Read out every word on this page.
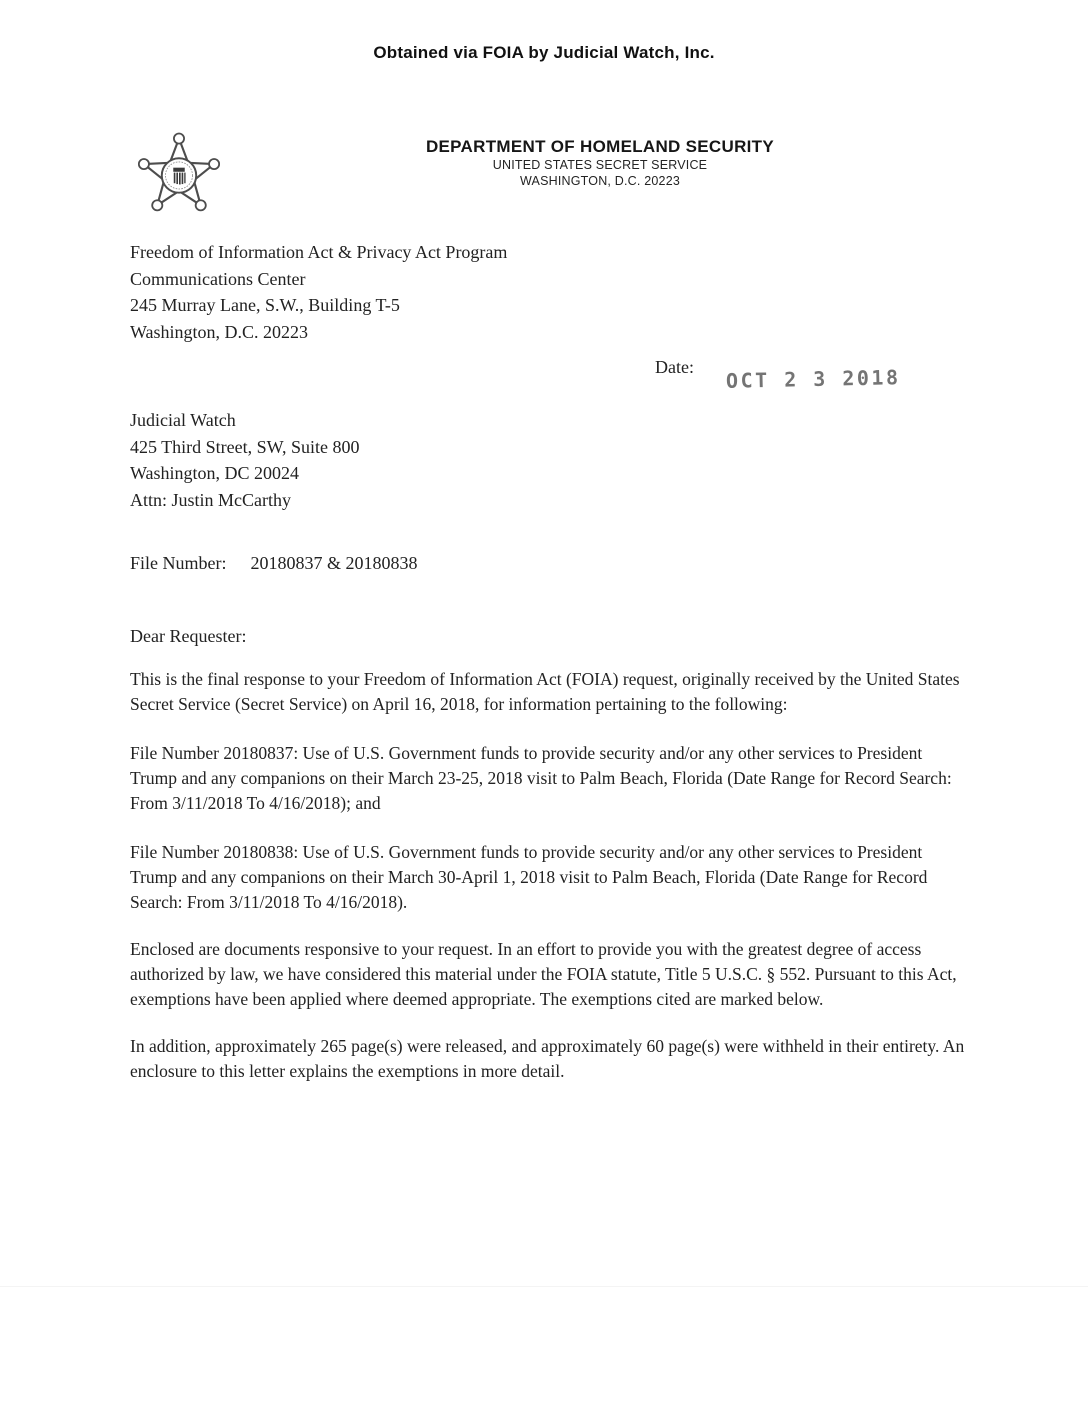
Obtained via FOIA by Judicial Watch, Inc.
DEPARTMENT OF HOMELAND SECURITY
UNITED STATES SECRET SERVICE
WASHINGTON, D.C. 20223
Freedom of Information Act & Privacy Act Program
Communications Center
245 Murray Lane, S.W., Building T-5
Washington, D.C. 20223
Date: OCT 2 3 2018
Judicial Watch
425 Third Street, SW, Suite 800
Washington, DC 20024
Attn: Justin McCarthy
File Number: 20180837 & 20180838
Dear Requester:

This is the final response to your Freedom of Information Act (FOIA) request, originally received by the United States Secret Service (Secret Service) on April 16, 2018, for information pertaining to the following:

File Number 20180837: Use of U.S. Government funds to provide security and/or any other services to President Trump and any companions on their March 23-25, 2018 visit to Palm Beach, Florida (Date Range for Record Search: From 3/11/2018 To 4/16/2018); and

File Number 20180838: Use of U.S. Government funds to provide security and/or any other services to President Trump and any companions on their March 30-April 1, 2018 visit to Palm Beach, Florida (Date Range for Record Search: From 3/11/2018 To 4/16/2018).

Enclosed are documents responsive to your request. In an effort to provide you with the greatest degree of access authorized by law, we have considered this material under the FOIA statute, Title 5 U.S.C. § 552. Pursuant to this Act, exemptions have been applied where deemed appropriate. The exemptions cited are marked below.

In addition, approximately 265 page(s) were released, and approximately 60 page(s) were withheld in their entirety. An enclosure to this letter explains the exemptions in more detail.
